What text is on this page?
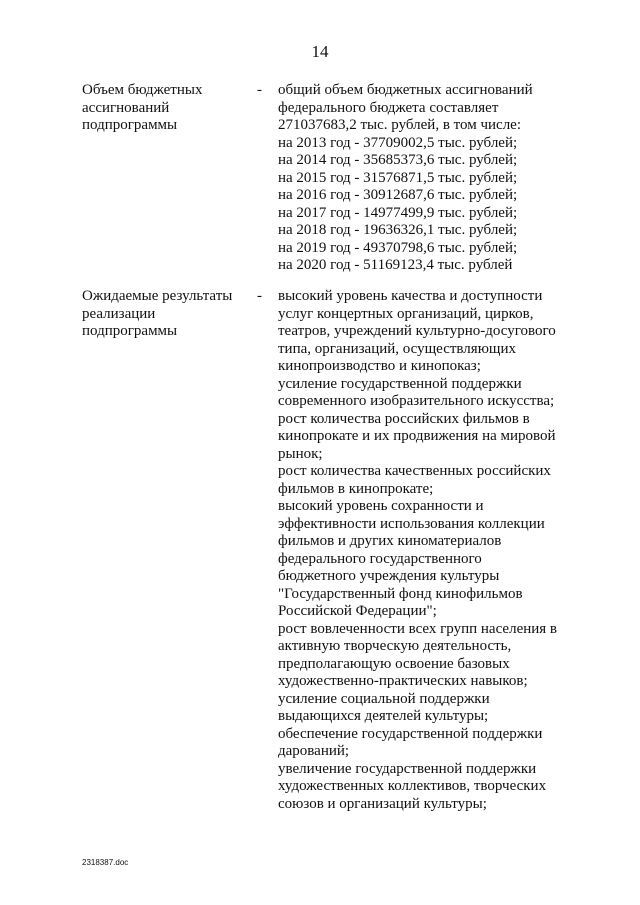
14
Объем бюджетных
ассигнований
подпрограммы
- общий объем бюджетных ассигнований
федерального бюджета составляет
271037683,2 тыс. рублей, в том числе:
на 2013 год - 37709002,5 тыс. рублей;
на 2014 год - 35685373,6 тыс. рублей;
на 2015 год - 31576871,5 тыс. рублей;
на 2016 год - 30912687,6 тыс. рублей;
на 2017 год - 14977499,9 тыс. рублей;
на 2018 год - 19636326,1 тыс. рублей;
на 2019 год - 49370798,6 тыс. рублей;
на 2020 год - 51169123,4 тыс. рублей
Ожидаемые результаты
реализации
подпрограммы
- высокий уровень качества и доступности
услуг концертных организаций, цирков,
театров, учреждений культурно-досугового
типа, организаций, осуществляющих
кинопроизводство и кинопоказ;
усиление государственной поддержки
современного изобразительного искусства;
рост количества российских фильмов в
кинопрокате и их продвижения на мировой
рынок;
рост количества качественных российских
фильмов в кинопрокате;
высокий уровень сохранности и
эффективности использования коллекции
фильмов и других киноматериалов
федерального государственного
бюджетного учреждения культуры
"Государственный фонд кинофильмов
Российской Федерации";
рост вовлеченности всех групп населения в
активную творческую деятельность,
предполагающую освоение базовых
художественно-практических навыков;
усиление социальной поддержки
выдающихся деятелей культуры;
обеспечение государственной поддержки
дарований;
увеличение государственной поддержки
художественных коллективов, творческих
союзов и организаций культуры;
2318387.doc
